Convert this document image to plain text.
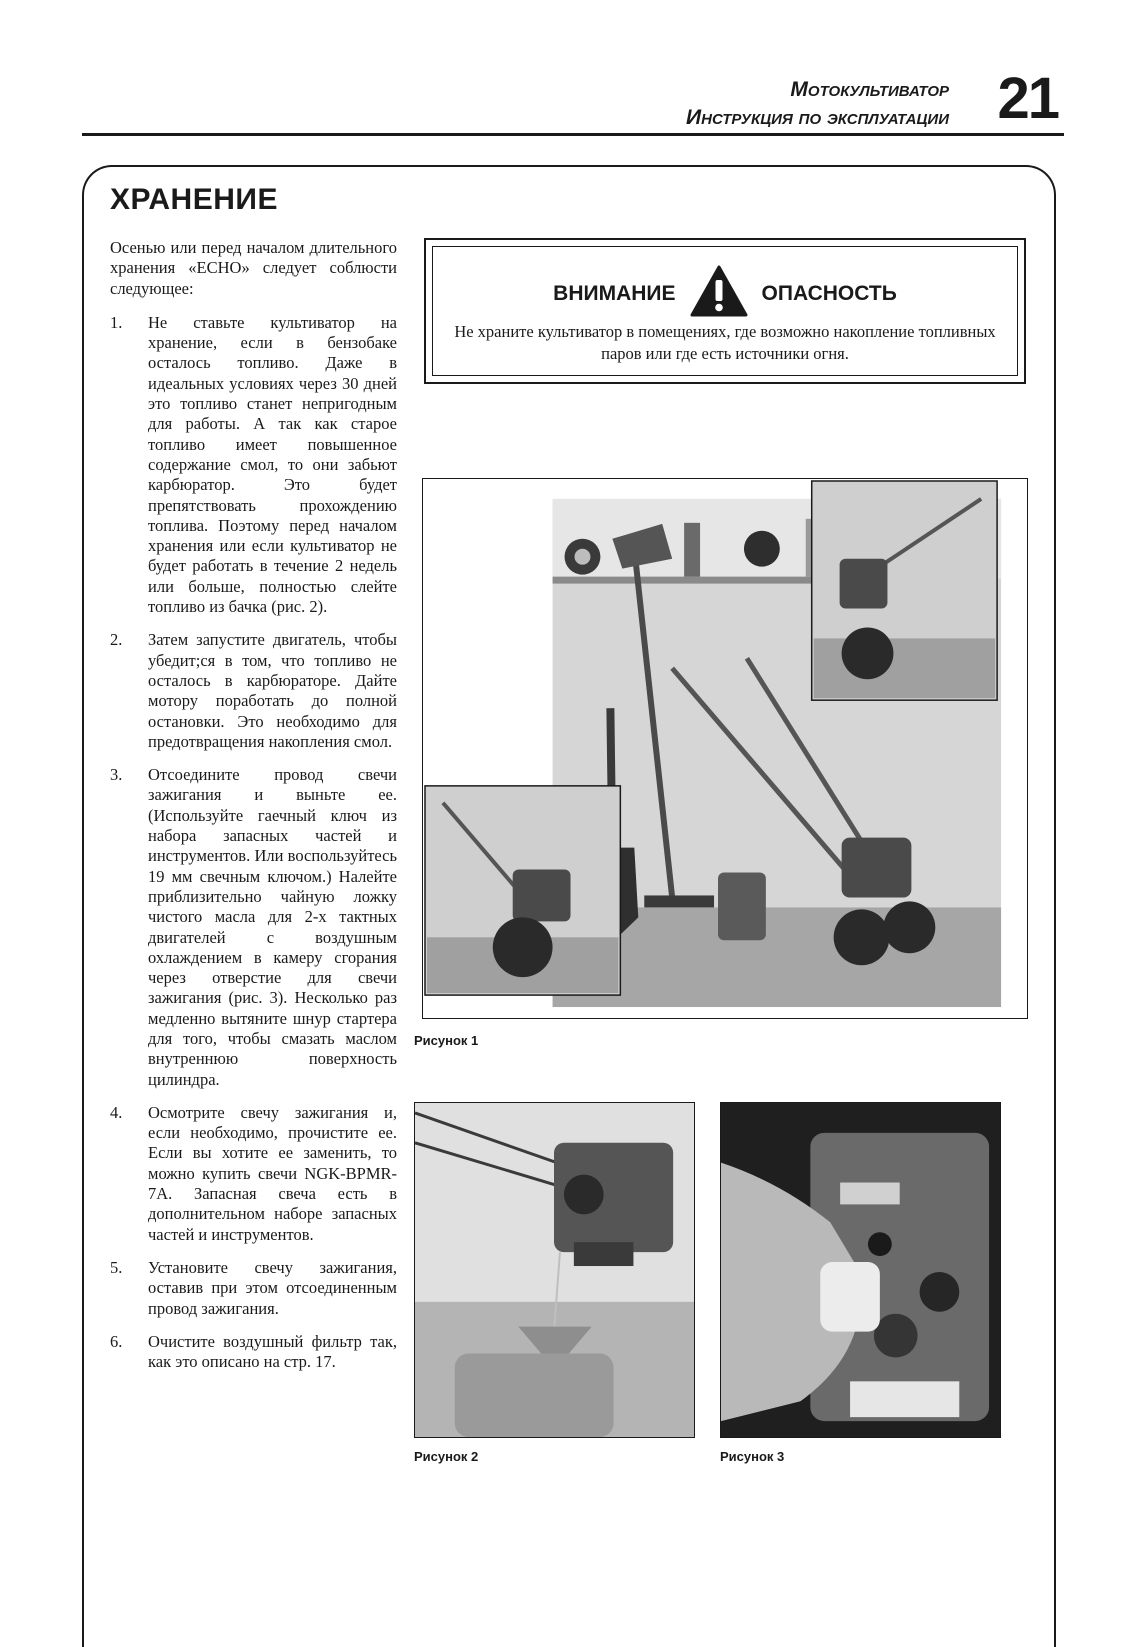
Мотокультиватор
Инструкция по эксплуатации 21
ХРАНЕНИЕ

Осенью или перед началом длительного хранения «ECHO» следует соблюсти следующее:

1.	Не ставьте культиватор на хранение, если в бензобаке осталось топливо. Даже в идеальных условиях через 30 дней это топливо станет непригодным для работы. А так как старое топливо имеет повышенное содержание смол, то они забьют карбюратор. Это будет препятствовать прохождению топлива. Поэтому перед началом хранения или если культиватор не будет работать в течение 2 недель или больше, полностью слейте топливо из бачка (рис. 2).
2.	Затем запустите двигатель, чтобы убедит;ся в том, что топливо не осталось в карбюраторе. Дайте мотору поработать до полной остановки. Это необходимо для предотвращения накопления смол.
3.	Отсоедините провод свечи зажигания и выньте ее. (Используйте гаечный ключ из набора запасных частей и инструментов. Или воспользуйтесь 19 мм свечным ключом.) Налейте приблизительно чайную ложку чистого масла для 2-х тактных двигателей с воздушным охлаждением в камеру сгорания через отверстие для свечи зажигания (рис. 3). Несколько раз медленно вытяните шнур стартера для того, чтобы смазать маслом внутреннюю поверхность цилиндра.
4.	Осмотрите свечу зажигания и, если необходимо, прочистите ее. Если вы хотите ее заменить, то можно купить свечи NGK-BPMR-7A. Запасная свеча есть в дополнительном наборе запасных частей и инструментов.
5.	Установите свечу зажигания, оставив при этом отсоединенным провод зажигания.
6.	Очистите воздушный фильтр так, как это описано на стр. 17.
ВНИМАНИЕ	ОПАСНОСТЬ
Не храните культиватор в помещениях, где возможно накопление топливных паров или где есть источники огня.
Рисунок 1
Рисунок 2	Рисунок 3
